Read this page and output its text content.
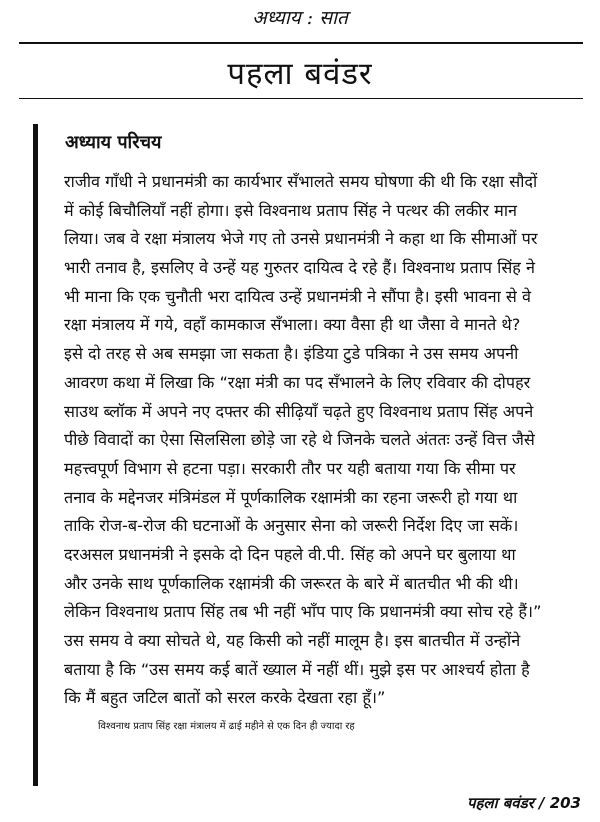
अध्याय : सात
पहला बवंडर
अध्याय परिचय
राजीव गाँधी ने प्रधानमंत्री का कार्यभार सँभालते समय घोषणा की थी कि रक्षा सौदों
में कोई बिचौलियाँ नहीं होगा। इसे विश्वनाथ प्रताप सिंह ने पत्थर की लकीर मान
लिया। जब वे रक्षा मंत्रालय भेजे गए तो उनसे प्रधानमंत्री ने कहा था कि सीमाओं पर
भारी तनाव है, इसलिए वे उन्हें यह गुरुतर दायित्व दे रहे हैं। विश्वनाथ प्रताप सिंह ने
भी माना कि एक चुनौती भरा दायित्व उन्हें प्रधानमंत्री ने सौंपा है। इसी भावना से वे
रक्षा मंत्रालय में गये, वहाँ कामकाज सँभाला। क्या वैसा ही था जैसा वे मानते थे?
इसे दो तरह से अब समझा जा सकता है। इंडिया टुडे पत्रिका ने उस समय अपनी
आवरण कथा में लिखा कि “रक्षा मंत्री का पद सँभालने के लिए रविवार की दोपहर
साउथ ब्लॉक में अपने नए दफ्तर की सीढ़ियाँ चढ़ते हुए विश्वनाथ प्रताप सिंह अपने
पीछे विवादों का ऐसा सिलसिला छोड़े जा रहे थे जिनके चलते अंततः उन्हें वित्त जैसे
महत्त्वपूर्ण विभाग से हटना पड़ा। सरकारी तौर पर यही बताया गया कि सीमा पर
तनाव के मद्देनजर मंत्रिमंडल में पूर्णकालिक रक्षामंत्री का रहना जरूरी हो गया था
ताकि रोज-ब-रोज की घटनाओं के अनुसार सेना को जरूरी निर्देश दिए जा सकें।
दरअसल प्रधानमंत्री ने इसके दो दिन पहले वी.पी. सिंह को अपने घर बुलाया था
और उनके साथ पूर्णकालिक रक्षामंत्री की जरूरत के बारे में बातचीत भी की थी।
लेकिन विश्वनाथ प्रताप सिंह तब भी नहीं भाँप पाए कि प्रधानमंत्री क्या सोच रहे हैं।”
उस समय वे क्या सोचते थे, यह किसी को नहीं मालूम है। इस बातचीत में उन्होंने
बताया है कि “उस समय कई बातें ख्याल में नहीं थीं। मुझे इस पर आश्चर्य होता है
कि मैं बहुत जटिल बातों को सरल करके देखता रहा हूँ।”
विश्वनाथ प्रताप सिंह रक्षा मंत्रालय में ढाई महीने से एक दिन ही ज्यादा रह
पहला बवंडर / 203
